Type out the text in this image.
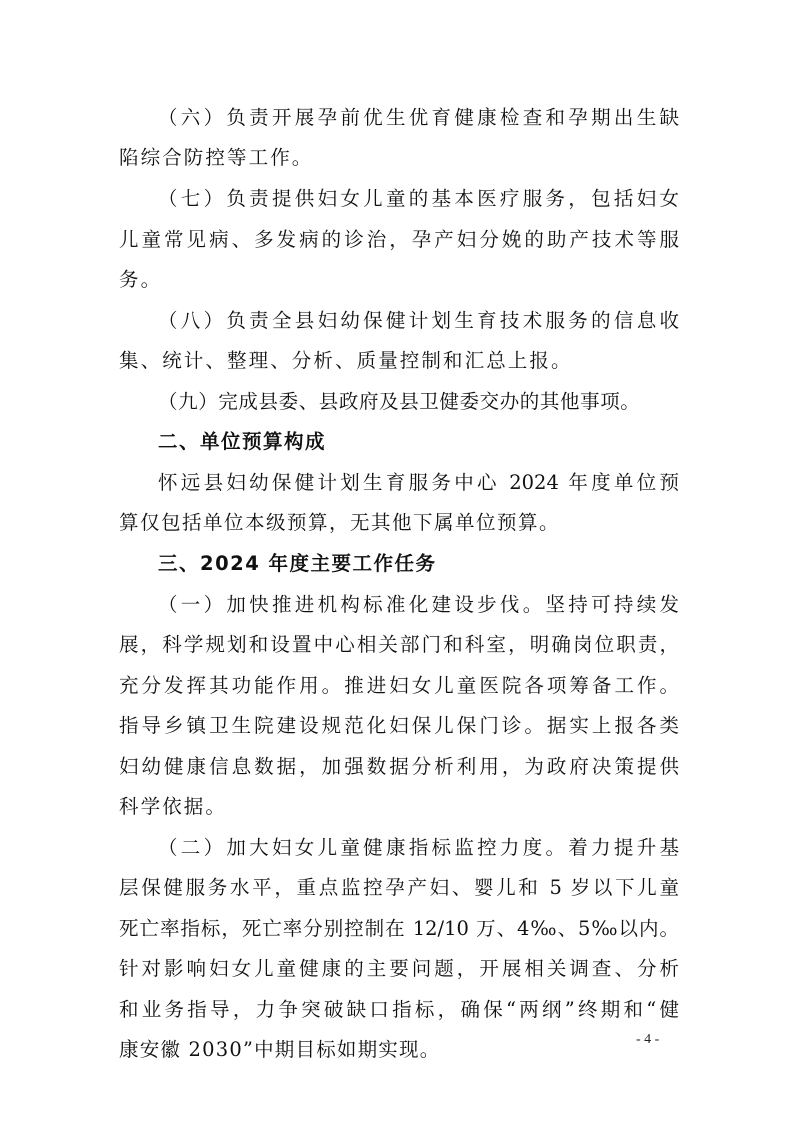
（六）负责开展孕前优生优育健康检查和孕期出生缺
陷综合防控等工作。
（七）负责提供妇女儿童的基本医疗服务，包括妇女
儿童常见病、多发病的诊治，孕产妇分娩的助产技术等服
务。
（八）负责全县妇幼保健计划生育技术服务的信息收
集、统计、整理、分析、质量控制和汇总上报。
（九）完成县委、县政府及县卫健委交办的其他事项。
二、单位预算构成
怀远县妇幼保健计划生育服务中心 2024 年度单位预
算仅包括单位本级预算，无其他下属单位预算。
三、2024 年度主要工作任务
（一）加快推进机构标准化建设步伐。坚持可持续发
展，科学规划和设置中心相关部门和科室，明确岗位职责，
充分发挥其功能作用。推进妇女儿童医院各项筹备工作。
指导乡镇卫生院建设规范化妇保儿保门诊。据实上报各类
妇幼健康信息数据，加强数据分析利用，为政府决策提供
科学依据。
（二）加大妇女儿童健康指标监控力度。着力提升基
层保健服务水平，重点监控孕产妇、婴儿和 5 岁以下儿童
死亡率指标，死亡率分别控制在 12/10 万、4‰、5‰以内。
针对影响妇女儿童健康的主要问题，开展相关调查、分析
和业务指导，力争突破缺口指标，确保“两纲”终期和“健
康安徽 2030”中期目标如期实现。	- 4 -
